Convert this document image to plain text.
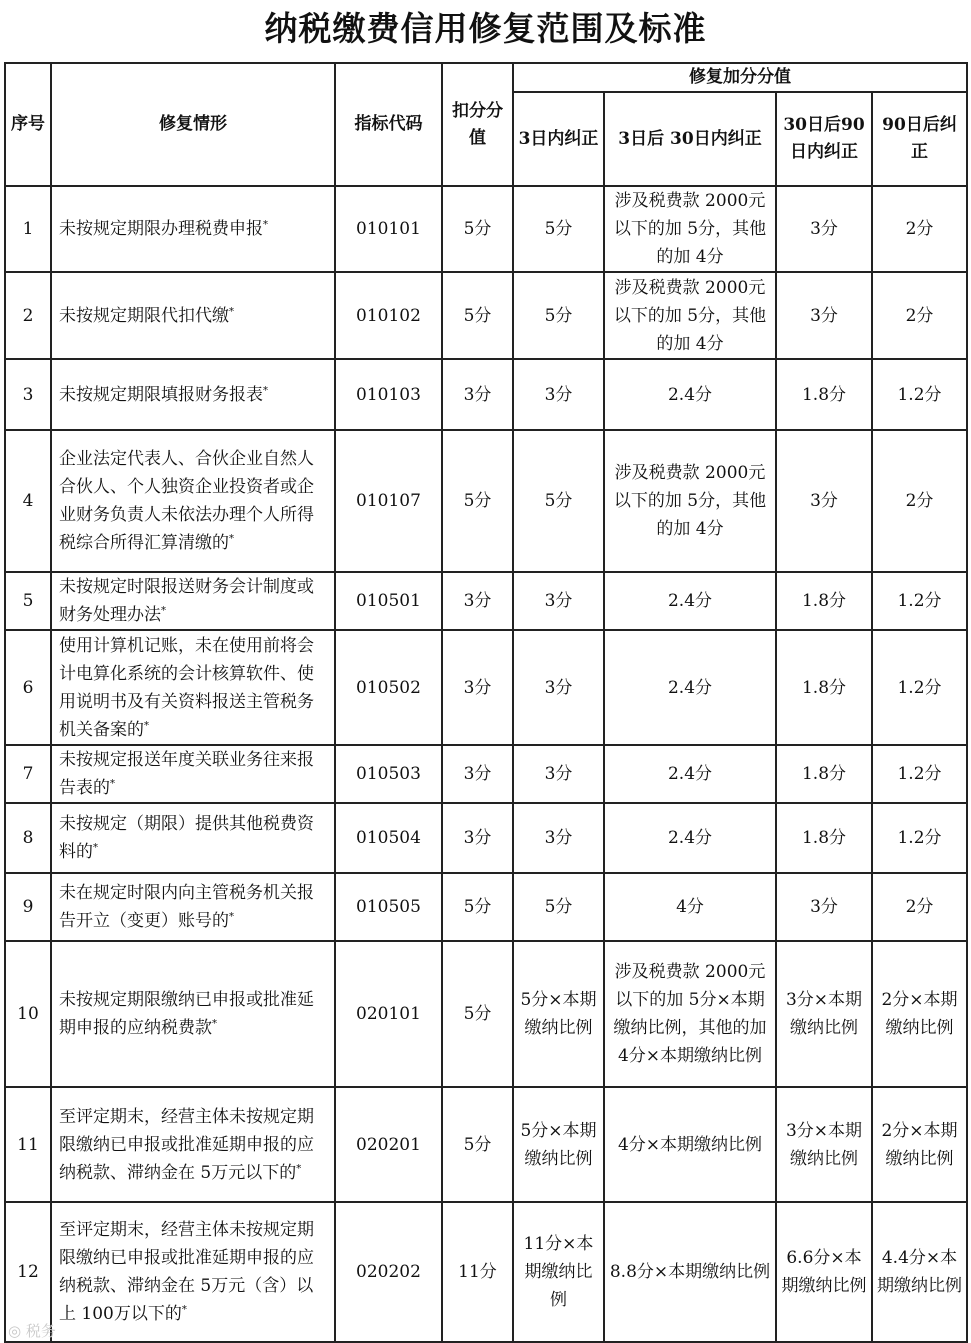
纳税缴费信用修复范围及标准
序号	修复情形	指标代码	扣分分值	修复加分分值			
				3日内纠正	3日后 30日内纠正	30日后90日内纠正	90日后纠正
1	未按规定期限办理税费申报*	010101	5分	5分	涉及税费款 2000元以下的加 5分，其他的加 4分	3分	2分
2	未按规定期限代扣代缴*	010102	5分	5分	涉及税费款 2000元以下的加 5分，其他的加 4分	3分	2分
3	未按规定期限填报财务报表*	010103	3分	3分	2.4分	1.8分	1.2分
4	企业法定代表人、合伙企业自然人合伙人、个人独资企业投资者或企业财务负责人未依法办理个人所得税综合所得汇算清缴的*	010107	5分	5分	涉及税费款 2000元以下的加 5分，其他的加 4分	3分	2分
5	未按规定时限报送财务会计制度或财务处理办法*	010501	3分	3分	2.4分	1.8分	1.2分
6	使用计算机记账，未在使用前将会计电算化系统的会计核算软件、使用说明书及有关资料报送主管税务机关备案的*	010502	3分	3分	2.4分	1.8分	1.2分
7	未按规定报送年度关联业务往来报告表的*	010503	3分	3分	2.4分	1.8分	1.2分
8	未按规定（期限）提供其他税费资料的*	010504	3分	3分	2.4分	1.8分	1.2分
9	未在规定时限内向主管税务机关报告开立（变更）账号的*	010505	5分	5分	4分	3分	2分
10	未按规定期限缴纳已申报或批准延期申报的应纳税费款*	020101	5分	5分×本期缴纳比例	涉及税费款 2000元以下的加 5分×本期缴纳比例，其他的加 4分×本期缴纳比例	3分×本期缴纳比例	2分×本期缴纳比例
11	至评定期末，经营主体未按规定期限缴纳已申报或批准延期申报的应纳税款、滞纳金在 5万元以下的*	020201	5分	5分×本期缴纳比例	4分×本期缴纳比例	3分×本期缴纳比例	2分×本期缴纳比例
12	至评定期末，经营主体未按规定期限缴纳已申报或批准延期申报的应纳税款、滞纳金在 5万元（含）以上 100万以下的*	020202	11分	11分×本期缴纳比例	8.8分×本期缴纳比例	6.6分×本期缴纳比例	4.4分×本期缴纳比例
◎ 税务
